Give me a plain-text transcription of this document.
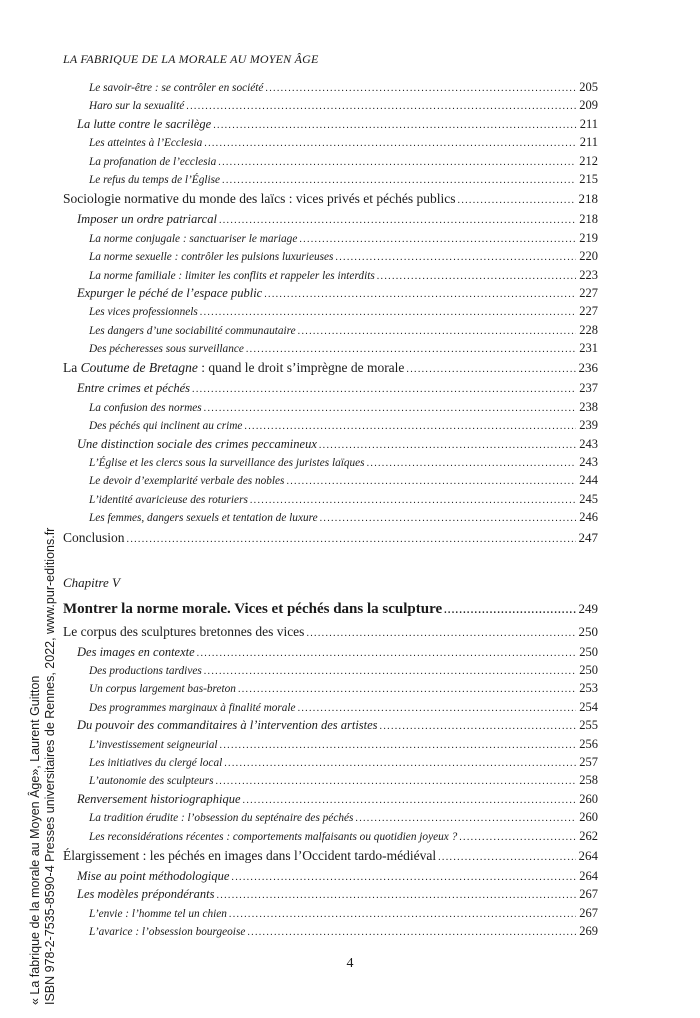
LA FABRIQUE DE LA MORALE AU MOYEN ÂGE
Le savoir-être : se contrôler en société . . .	205
Haro sur la sexualité . . .	209
La lutte contre le sacrilège . . .	211
Les atteintes à l’Ecclesia . . .	211
La profanation de l’ecclesia . . .	212
Le refus du temps de l’Église . . .	215
Sociologie normative du monde des laïcs : vices privés et péchés publics . . .	218
Imposer un ordre patriarcal . . .	218
La norme conjugale : sanctuariser le mariage . . .	219
La norme sexuelle : contrôler les pulsions luxurieuses . . .	220
La norme familiale : limiter les conflits et rappeler les interdits . . .	223
Expurger le péché de l’espace public . . .	227
Les vices professionnels . . .	227
Les dangers d’une sociabilité communautaire . . .	228
Des pécheresses sous surveillance . . .	231
La Coutume de Bretagne : quand le droit s’imprègne de morale . . .	236
Entre crimes et péchés . . .	237
La confusion des normes . . .	238
Des péchés qui inclinent au crime . . .	239
Une distinction sociale des crimes peccamineux . . .	243
L’Église et les clercs sous la surveillance des juristes laïques . . .	243
Le devoir d’exemplarité verbale des nobles . . .	244
L’identité avaricieuse des roturiers . . .	245
Les femmes, dangers sexuels et tentation de luxure . . .	246
Conclusion . . .	247
Chapitre V
Montrer la norme morale. Vices et péchés dans la sculpture . . .	249
Le corpus des sculptures bretonnes des vices . . .	250
Des images en contexte . . .	250
Des productions tardives . . .	250
Un corpus largement bas-breton . . .	253
Des programmes marginaux à finalité morale . . .	254
Du pouvoir des commanditaires à l’intervention des artistes . . .	255
L’investissement seigneurial . . .	256
Les initiatives du clergé local . . .	257
L’autonomie des sculpteurs . . .	258
Renversement historiographique . . .	260
La tradition érudite : l’obsession du septénaire des péchés . . .	260
Les reconsidérations récentes : comportements malfaisants ou quotidien joyeux ? . . .	262
Élargissement : les péchés en images dans l’Occident tardo-médiéval . . .	264
Mise au point méthodologique . . .	264
Les modèles prépondérants . . .	267
L’envie : l’homme tel un chien . . .	267
L’avarice : l’obsession bourgeoise . . .	269
4
« La fabrique de la morale au Moyen Âge», Laurent Guitton ISBN 978-2-7535-8590-4 Presses universitaires de Rennes, 2022, www.pur-editions.fr
